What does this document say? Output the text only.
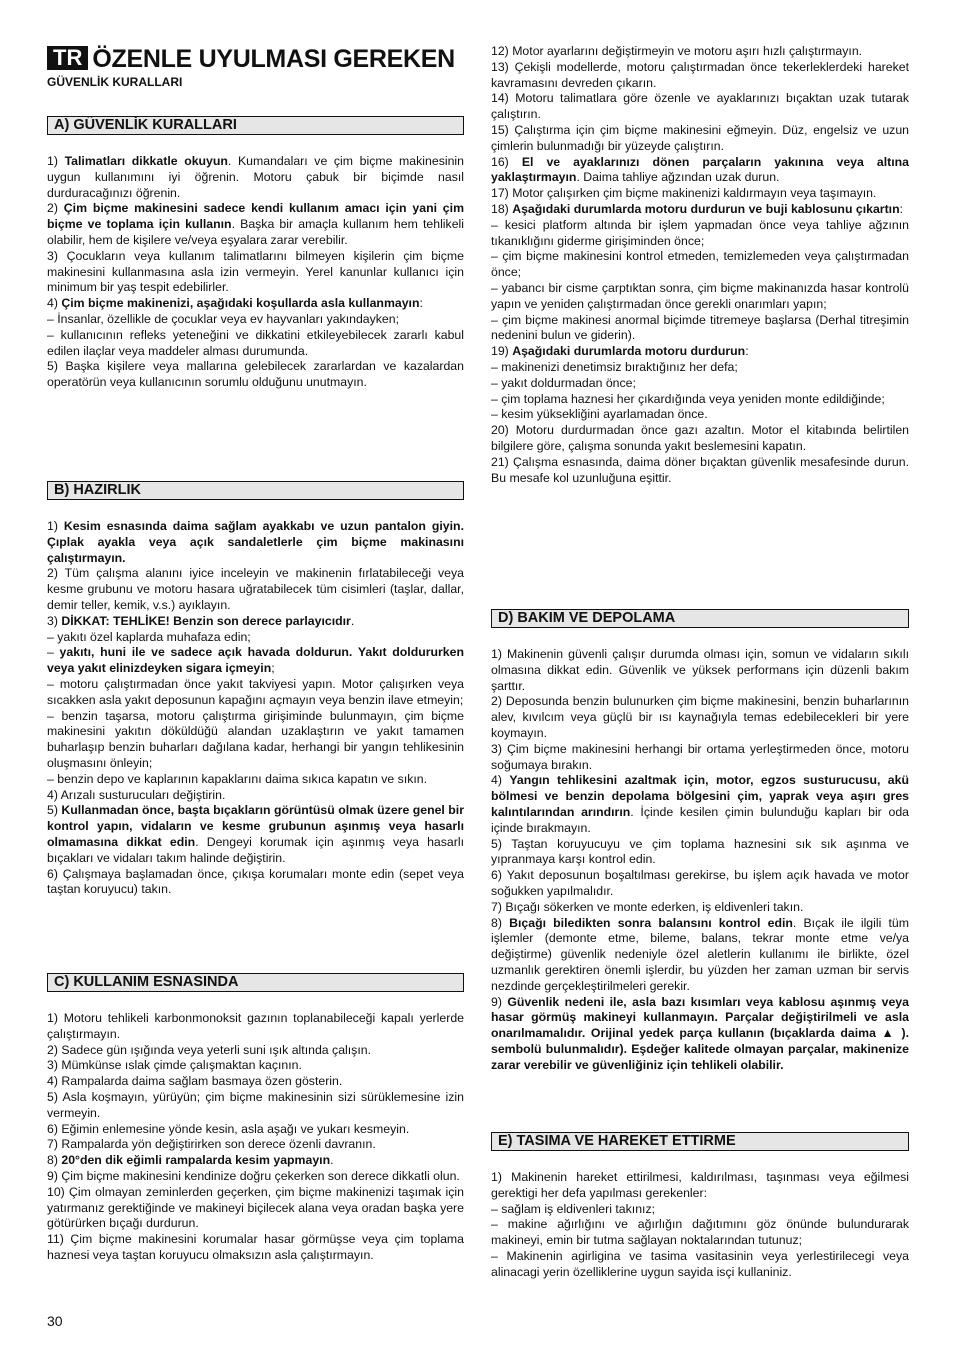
TR ÖZENLE UYULMASI GEREKEN
GÜVENLİK KURALLARI
A) GÜVENLİK KURALLARI

1) Talimatları dikkatle okuyun. Kumandaları ve çim biçme makinesinin uygun kullanımını iyi öğrenin. Motoru çabuk bir biçimde nasıl durduracağınızı öğrenin.

2) Çim biçme makinesini sadece kendi kullanım amacı için yani çim biçme ve toplama için kullanın. Başka bir amaçla kullanım hem tehlikeli olabilir, hem de kişilere ve/veya eşyalara zarar verebilir.

3) Çocukların veya kullanım talimatlarını bilmeyen kişilerin çim biçme makinesini kullanmasına asla izin vermeyin. Yerel kanunlar kullanıcı için minimum bir yaş tespit edebilirler.

4) Çim biçme makinenizi, aşağıdaki koşullarda asla kullanmayın:

– İnsanlar, özellikle de çocuklar veya ev hayvanları yakındayken;

– kullanıcının refleks yeteneğini ve dikkatini etkileyebilecek zararlı kabul edilen ilaçlar veya maddeler alması durumunda.

5) Başka kişilere veya mallarına gelebilecek zararlardan ve kazalardan operatörün veya kullanıcının sorumlu olduğunu unutmayın.

B) HAZIRLIK

1) Kesim esnasında daima sağlam ayakkabı ve uzun pantalon giyin. Çıplak ayakla veya açık sandaletlerle çim biçme makinasını çalıştırmayın.

2) Tüm çalışma alanını iyice inceleyin ve makinenin fırlatabileceği veya kesme grubunu ve motoru hasara uğratabilecek tüm cisimleri (taşlar, dallar, demir teller, kemik, v.s.) ayıklayın.

3) DİKKAT: TEHLİKE! Benzin son derece parlayıcıdır.

– yakıtı özel kaplarda muhafaza edin;

– yakıtı, huni ile ve sadece açık havada doldurun. Yakıt doldururken veya yakıt elinizdeyken sigara içmeyin;

– motoru çalıştırmadan önce yakıt takviyesi yapın. Motor çalışırken veya sıcakken asla yakıt deposunun kapağını açmayın veya benzin ilave etmeyin;

– benzin taşarsa, motoru çalıştırma girişiminde bulunmayın, çim biçme makinesini yakıtın döküldüğü alandan uzaklaştırın ve yakıt tamamen buharlaşıp benzin buharları dağılana kadar, herhangi bir yangın tehlikesinin oluşmasını önleyin;

– benzin depo ve kaplarının kapaklarını daima sıkıca kapatın ve sıkın.

4) Arızalı susturucuları değiştirin.

5) Kullanmadan önce, başta bıçakların görüntüsü olmak üzere genel bir kontrol yapın, vidaların ve kesme grubunun aşınmış veya hasarlı olmamasına dikkat edin. Dengeyi korumak için aşınmış veya hasarlı bıçakları ve vidaları takım halinde değiştirin.

6) Çalışmaya başlamadan önce, çıkışa korumaları monte edin (sepet veya taştan koruyucu) takın.

C) KULLANIM ESNASINDA

1) Motoru tehlikeli karbonmonoksit gazının toplanabileceği kapalı yerlerde çalıştırmayın.

2) Sadece gün ışığında veya yeterli suni ışık altında çalışın.

3) Mümkünse ıslak çimde çalışmaktan kaçının.

4) Rampalarda daima sağlam basmaya özen gösterin.

5) Asla koşmayın, yürüyün; çim biçme makinesinin sizi sürüklemesine izin vermeyin.

6) Eğimin enlemesine yönde kesin, asla aşağı ve yukarı kesmeyin.

7) Rampalarda yön değiştirirken son derece özenli davranın.

8) 20°den dik eğimli rampalarda kesim yapmayın.

9) Çim biçme makinesini kendinize doğru çekerken son derece dikkatli olun.

10) Çim olmayan zeminlerden geçerken, çim biçme makinenizi taşımak için yatırmanız gerektiğinde ve makineyi biçilecek alana veya oradan başka yere götürürken bıçağı durdurun.

11) Çim biçme makinesini korumalar hasar görmüşse veya çim toplama haznesi veya taştan koruyucu olmaksızın asla çalıştırmayın.

12) Motor ayarlarını değiştirmeyin ve motoru aşırı hızlı çalıştırmayın.

13) Çekişli modellerde, motoru çalıştırmadan önce tekerleklerdeki hareket kavramasını devreden çıkarın.

14) Motoru talimatlara göre özenle ve ayaklarınızı bıçaktan uzak tutarak çalıştırın.

15) Çalıştırma için çim biçme makinesini eğmeyin. Düz, engelsiz ve uzun çimlerin bulunmadığı bir yüzeyde çalıştırın.

16) El ve ayaklarınızı dönen parçaların yakınına veya altına yaklaştırmayın. Daima tahliye ağzından uzak durun.

17) Motor çalışırken çim biçme makinenizi kaldırmayın veya taşımayın.

18) Aşağıdaki durumlarda motoru durdurun ve buji kablosunu çıkartın:

– kesici platform altında bir işlem yapmadan önce veya tahliye ağzının tıkanıklığını giderme girişiminden önce;

– çim biçme makinesini kontrol etmeden, temizlemeden veya çalıştırmadan önce;

– yabancı bir cisme çarptıktan sonra, çim biçme makinanızda hasar kontrolü yapın ve yeniden çalıştırmadan önce gerekli onarımları yapın;

– çim biçme makinesi anormal biçimde titremeye başlarsa (Derhal titreşimin nedenini bulun ve giderin).

19) Aşağıdaki durumlarda motoru durdurun:

– makinenizi denetimsiz bıraktığınız her defa;

– yakıt doldurmadan önce;

– çim toplama haznesi her çıkardığında veya yeniden monte edildiğinde;

– kesim yüksekliğini ayarlamadan önce.

20) Motoru durdurmadan önce gazı azaltın. Motor el kitabında belirtilen bilgilere göre, çalışma sonunda yakıt beslemesini kapatın.

21) Çalışma esnasında, daima döner bıçaktan güvenlik mesafesinde durun. Bu mesafe kol uzunluğuna eşittir.

D) BAKIM VE DEPOLAMA

1) Makinenin güvenli çalışır durumda olması için, somun ve vidaların sıkılı olmasına dikkat edin. Güvenlik ve yüksek performans için düzenli bakım şarttır.

2) Deposunda benzin bulunurken çim biçme makinesini, benzin buharlarının alev, kıvılcım veya güçlü bir ısı kaynağıyla temas edebilecekleri bir yere koymayın.

3) Çim biçme makinesini herhangi bir ortama yerleştirmeden önce, motoru soğumaya bırakın.

4) Yangın tehlikesini azaltmak için, motor, egzos susturucusu, akü bölmesi ve benzin depolama bölgesini çim, yaprak veya aşırı gres kalıntılarından arındırın. İçinde kesilen çimin bulunduğu kapları bir oda içinde bırakmayın.

5) Taştan koruyucuyu ve çim toplama haznesini sık sık aşınma ve yıpranmaya karşı kontrol edin.

6) Yakıt deposunun boşaltılması gerekirse, bu işlem açık havada ve motor soğukken yapılmalıdır.

7) Bıçağı sökerken ve monte ederken, iş eldivenleri takın.

8) Bıçağı biledikten sonra balansını kontrol edin. Bıçak ile ilgili tüm işlemler (demonte etme, bileme, balans, tekrar monte etme ve/ya değiştirme) güvenlik nedeniyle özel aletlerin kullanımı ile birlikte, özel uzmanlık gerektiren önemli işlerdir, bu yüzden her zaman uzman bir servis nezdinde gerçekleştirilmeleri gerekir.

9) Güvenlik nedeni ile, asla bazı kısımları veya kablosu aşınmış veya hasar görmüş makineyi kullanmayın. Parçalar değiştirilmeli ve asla onarılmamalıdır. Orijinal yedek parça kullanın (bıçaklarda daima ▲ ). sembolü bulunmalıdır). Eşdeğer kalitede olmayan parçalar, makinenize zarar verebilir ve güvenliğiniz için tehlikeli olabilir.

E) TASIMA VE HAREKET ETTIRME

1) Makinenin hareket ettirilmesi, kaldırılması, taşınması veya eğilmesi gerektigi her defa yapılması gerekenler:

– sağlam iş eldivenleri takınız;

– makine ağırlığını ve ağırlığın dağıtımını göz önünde bulundurarak makineyi, emin bir tutma sağlayan noktalarından tutunuz;

– Makinenin agirligina ve tasima vasitasinin veya yerlestirilecegi veya alinacagi yerin özelliklerine uygun sayida isçi kullaniniz.

30
